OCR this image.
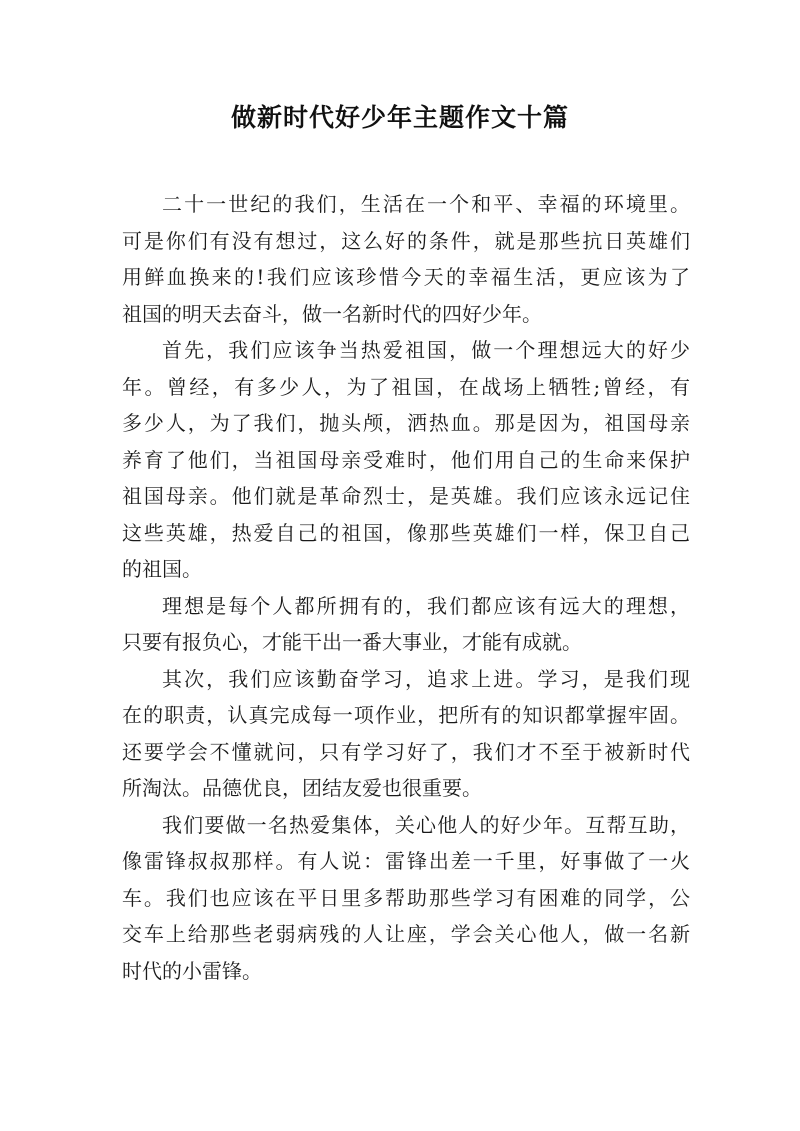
做新时代好少年主题作文十篇
二十一世纪的我们，生活在一个和平、幸福的环境里。
可是你们有没有想过，这么好的条件，就是那些抗日英雄们
用鲜血换来的!我们应该珍惜今天的幸福生活，更应该为了
祖国的明天去奋斗，做一名新时代的四好少年。
首先，我们应该争当热爱祖国，做一个理想远大的好少
年。曾经，有多少人，为了祖国，在战场上牺牲;曾经，有
多少人，为了我们，抛头颅，洒热血。那是因为，祖国母亲
养育了他们，当祖国母亲受难时，他们用自己的生命来保护
祖国母亲。他们就是革命烈士，是英雄。我们应该永远记住
这些英雄，热爱自己的祖国，像那些英雄们一样，保卫自己
的祖国。
理想是每个人都所拥有的，我们都应该有远大的理想，
只要有报负心，才能干出一番大事业，才能有成就。
其次，我们应该勤奋学习，追求上进。学习，是我们现
在的职责，认真完成每一项作业，把所有的知识都掌握牢固。
还要学会不懂就问，只有学习好了，我们才不至于被新时代
所淘汰。品德优良，团结友爱也很重要。
我们要做一名热爱集体，关心他人的好少年。互帮互助，
像雷锋叔叔那样。有人说：雷锋出差一千里，好事做了一火
车。我们也应该在平日里多帮助那些学习有困难的同学，公
交车上给那些老弱病残的人让座，学会关心他人，做一名新
时代的小雷锋。
